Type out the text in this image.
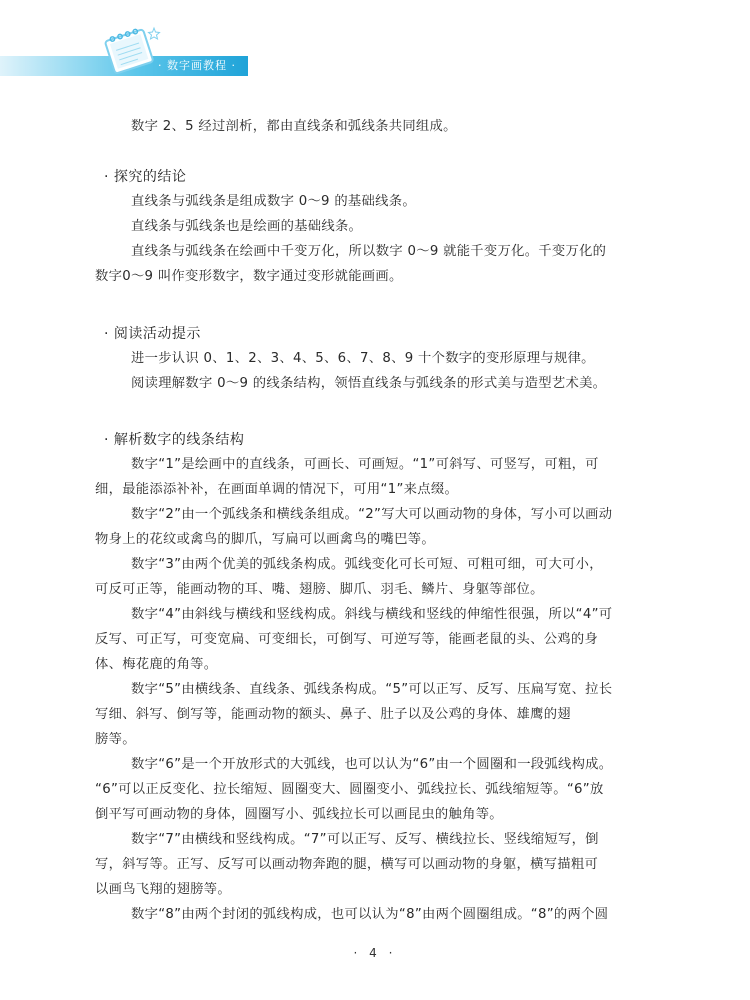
· 数字画教程 ·
数字 2、5 经过剖析，都由直线条和弧线条共同组成。
· 探究的结论
直线条与弧线条是组成数字 0～9 的基础线条。
直线条与弧线条也是绘画的基础线条。
直线条与弧线条在绘画中千变万化，所以数字 0～9 就能千变万化。千变万化的
数字0～9 叫作变形数字，数字通过变形就能画画。
· 阅读活动提示
进一步认识 0、1、2、3、4、5、6、7、8、9 十个数字的变形原理与规律。
阅读理解数字 0～9 的线条结构，领悟直线条与弧线条的形式美与造型艺术美。
· 解析数字的线条结构
数字“1”是绘画中的直线条，可画长、可画短。“1”可斜写、可竖写，可粗，可
细，最能添添补补，在画面单调的情况下，可用“1”来点缀。
数字“2”由一个弧线条和横线条组成。“2”写大可以画动物的身体，写小可以画动
物身上的花纹或禽鸟的脚爪，写扁可以画禽鸟的嘴巴等。
数字“3”由两个优美的弧线条构成。弧线变化可长可短、可粗可细，可大可小，
可反可正等，能画动物的耳、嘴、翅膀、脚爪、羽毛、鳞片、身躯等部位。
数字“4”由斜线与横线和竖线构成。斜线与横线和竖线的伸缩性很强，所以“4”可
反写、可正写，可变宽扁、可变细长，可倒写、可逆写等，能画老鼠的头、公鸡的身
体、梅花鹿的角等。
数字“5”由横线条、直线条、弧线条构成。“5”可以正写、反写、压扁写宽、拉长
写细、斜写、倒写等，能画动物的额头、鼻子、肚子以及公鸡的身体、雄鹰的翅
膀等。
数字“6”是一个开放形式的大弧线，也可以认为“6”由一个圆圈和一段弧线构成。
“6”可以正反变化、拉长缩短、圆圈变大、圆圈变小、弧线拉长、弧线缩短等。“6”放
倒平写可画动物的身体，圆圈写小、弧线拉长可以画昆虫的触角等。
数字“7”由横线和竖线构成。“7”可以正写、反写、横线拉长、竖线缩短写，倒
写，斜写等。正写、反写可以画动物奔跑的腿，横写可以画动物的身躯，横写描粗可
以画鸟飞翔的翅膀等。
数字“8”由两个封闭的弧线构成，也可以认为“8”由两个圆圈组成。“8”的两个圆
· 4 ·
